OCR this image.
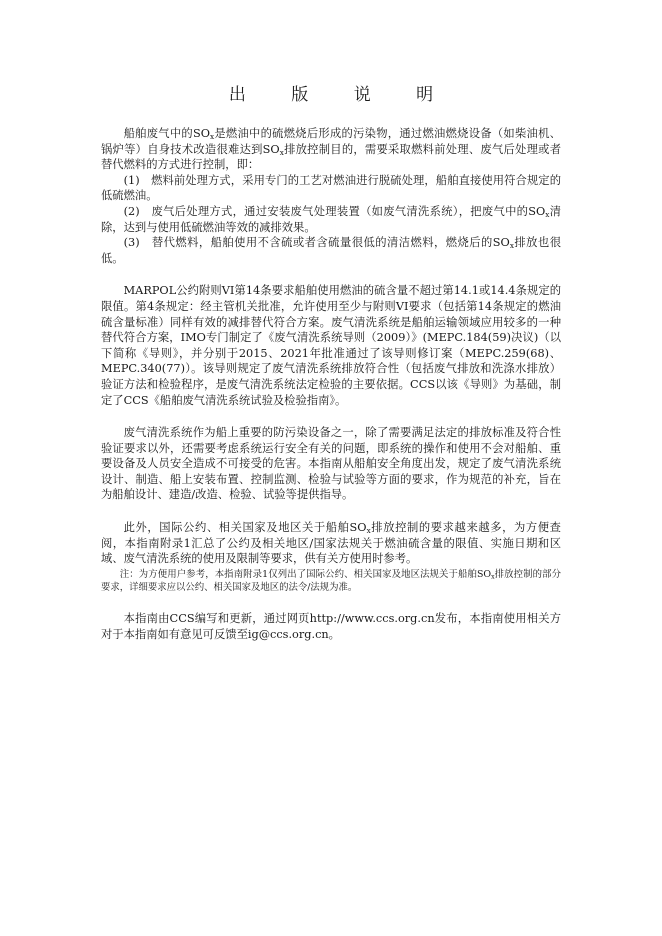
出 版 说 明

船舶废气中的$SO_x$是燃油中的硫燃烧后形成的污染物，通过燃油燃烧设备（如柴油机、锅炉等）自身技术改造很难达到$SO_x$排放控制目的，需要采取燃料前处理、废气后处理或者替代燃料的方式进行控制，即：

(1)　燃料前处理方式，采用专门的工艺对燃油进行脱硫处理，船舶直接使用符合规定的低硫燃油。

(2)　废气后处理方式，通过安装废气处理装置（如废气清洗系统），把废气中的$SO_x$清除，达到与使用低硫燃油等效的减排效果。

(3)　替代燃料，船舶使用不含硫或者含硫量很低的清洁燃料，燃烧后的$SO_x$排放也很低。

MARPOL公约附则VI第14条要求船舶使用燃油的硫含量不超过第14.1或14.4条规定的限值。第4条规定：经主管机关批准，允许使用至少与附则VI要求（包括第14条规定的燃油硫含量标准）同样有效的减排替代符合方案。废气清洗系统是船舶运输领域应用较多的一种替代符合方案，IMO专门制定了《废气清洗系统导则（2009）》(MEPC.184(59)决议)（以下简称《导则》，并分别于2015、2021年批准通过了该导则修订案（MEPC.259(68)、MEPC.340(77)）。该导则规定了废气清洗系统排放符合性（包括废气排放和洗涤水排放）验证方法和检验程序，是废气清洗系统法定检验的主要依据。CCS以该《导则》为基础，制定了CCS《船舶废气清洗系统试验及检验指南》。

废气清洗系统作为船上重要的防污染设备之一，除了需要满足法定的排放标准及符合性验证要求以外，还需要考虑系统运行安全有关的问题，即系统的操作和使用不会对船舶、重要设备及人员安全造成不可接受的危害。本指南从船舶安全角度出发，规定了废气清洗系统设计、制造、船上安装布置、控制监测、检验与试验等方面的要求，作为规范的补充，旨在为船舶设计、建造/改造、检验、试验等提供指导。

此外，国际公约、相关国家及地区关于船舶$SO_x$排放控制的要求越来越多，为方便查阅，本指南附录1汇总了公约及相关地区/国家法规关于燃油硫含量的限值、实施日期和区域、废气清洗系统的使用及限制等要求，供有关方使用时参考。

注：为方便用户参考，本指南附录1仅列出了国际公约、相关国家及地区法规关于船舶$SO_x$排放控制的部分要求，详细要求应以公约、相关国家及地区的法令/法规为准。

本指南由CCS编写和更新，通过网页http://www.ccs.org.cn发布，本指南使用相关方对于本指南如有意见可反馈至ig@ccs.org.cn。
